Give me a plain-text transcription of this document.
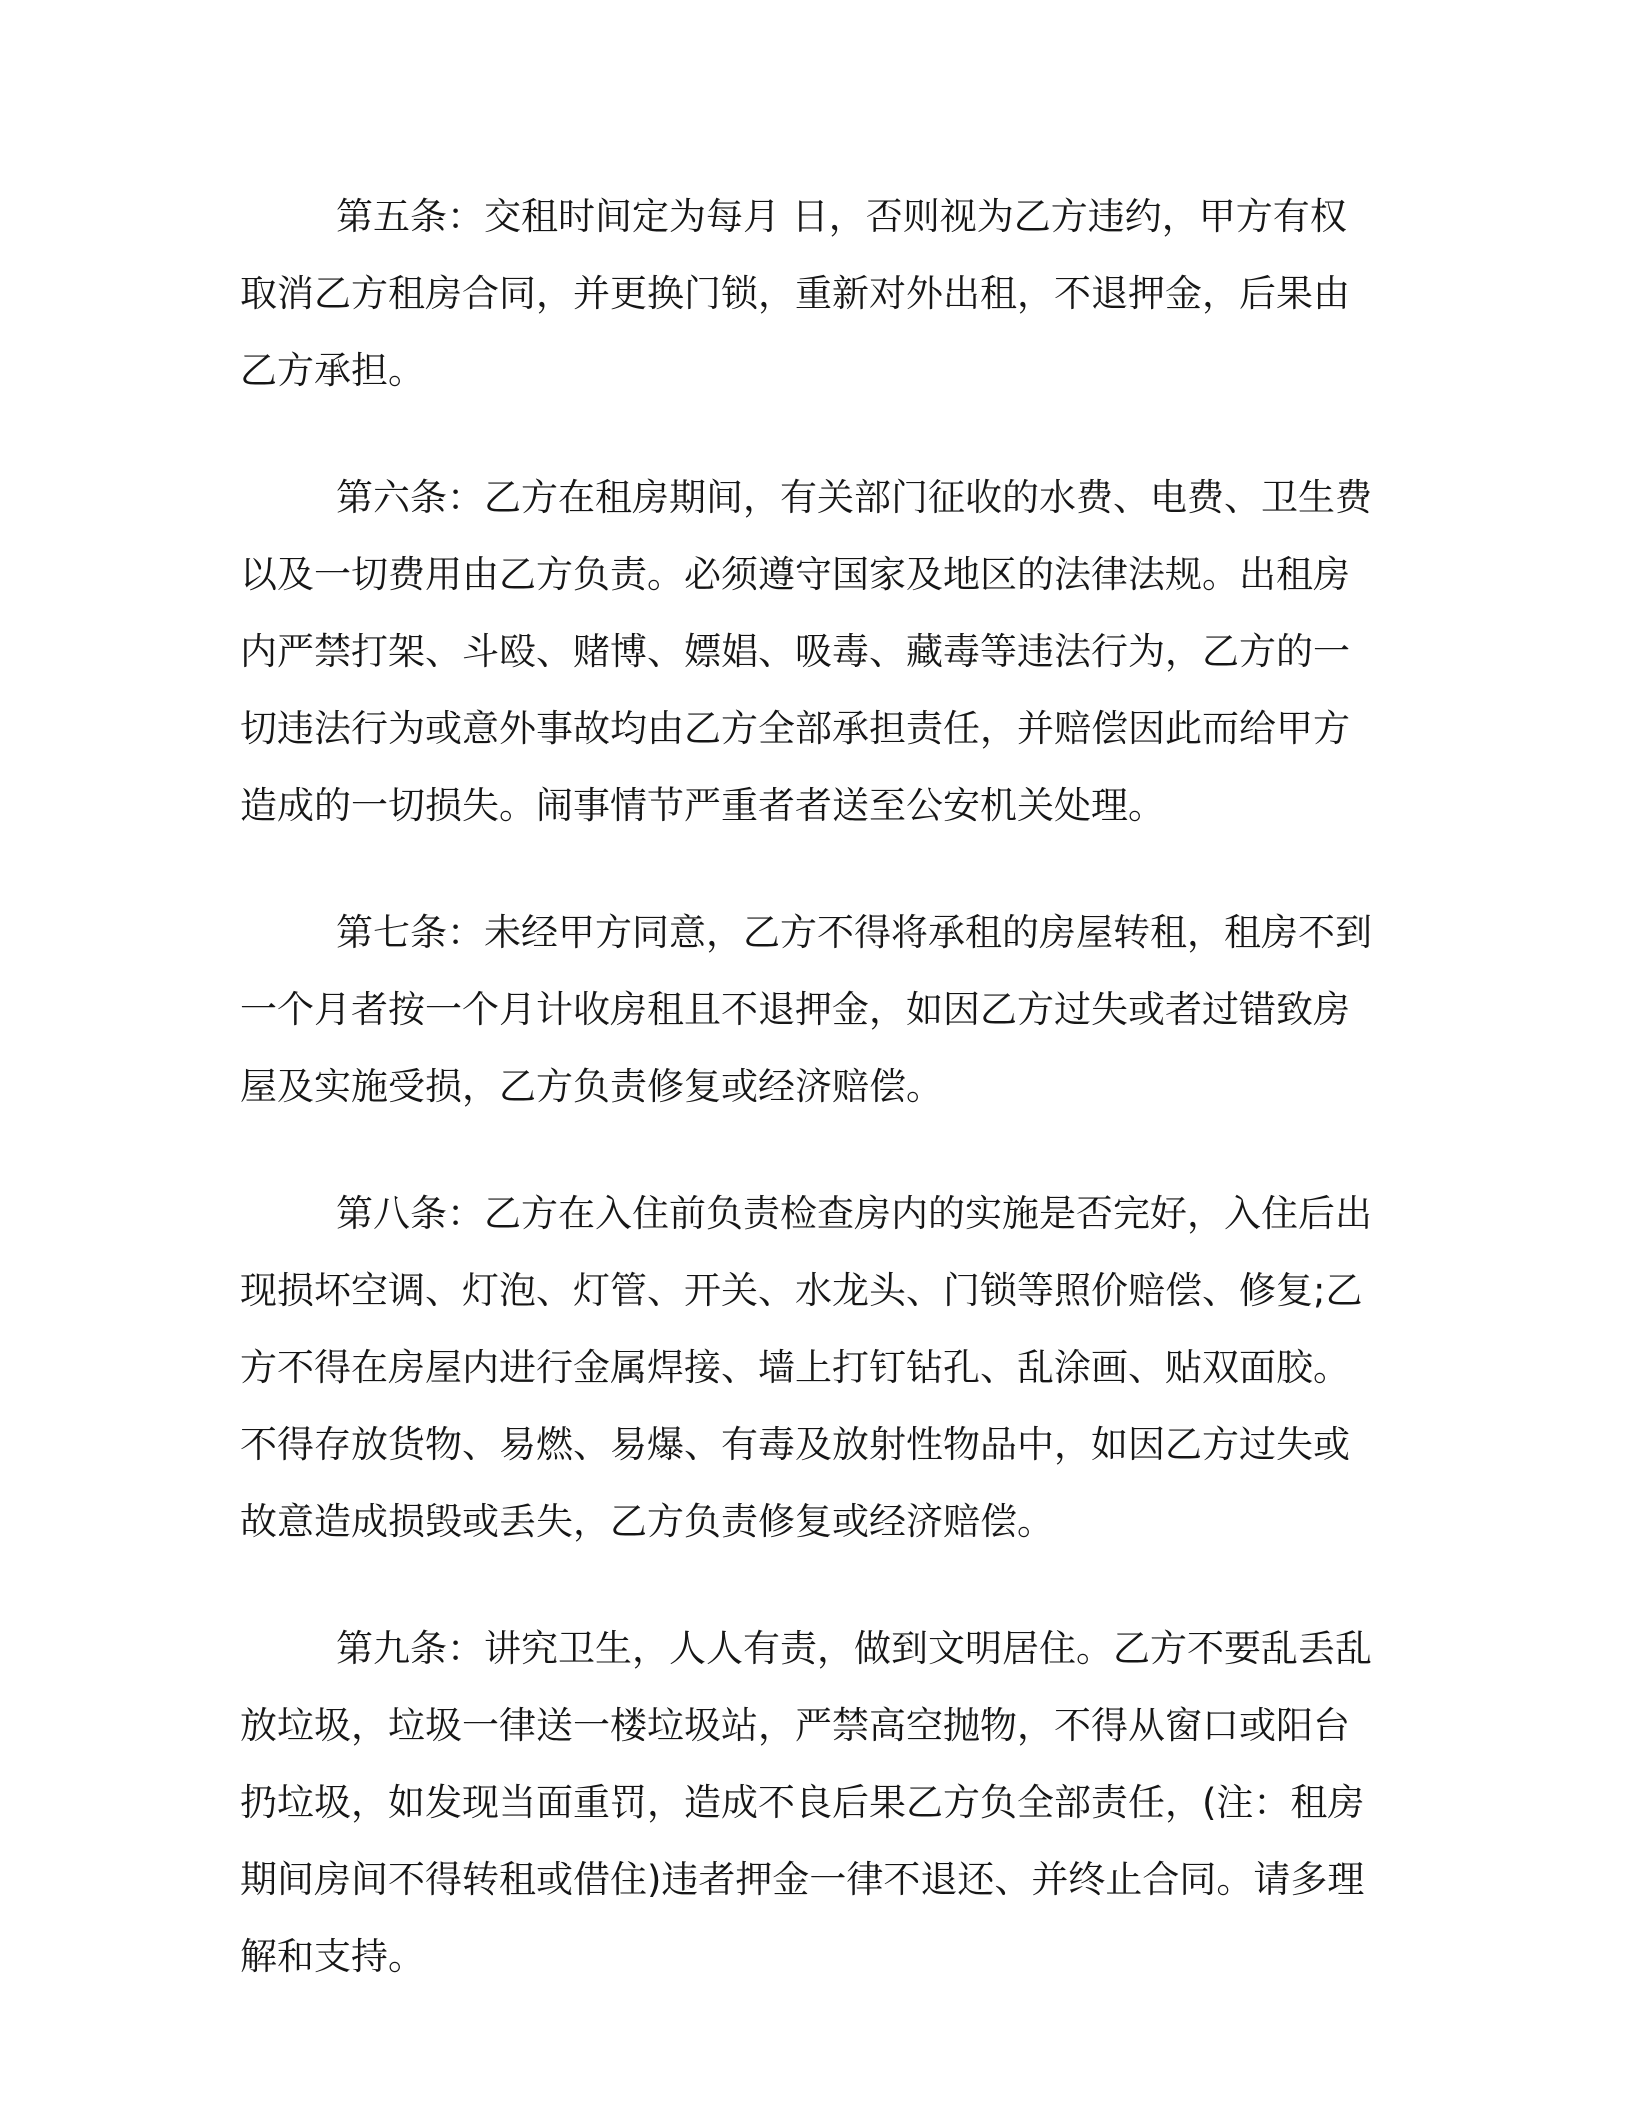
第五条：交租时间定为每月 日，否则视为乙方违约，甲方有权取消乙方租房合同，并更换门锁，重新对外出租，不退押金，后果由乙方承担。

第六条：乙方在租房期间，有关部门征收的水费、电费、卫生费以及一切费用由乙方负责。必须遵守国家及地区的法律法规。出租房内严禁打架、斗殴、赌博、嫖娼、吸毒、藏毒等违法行为，乙方的一切违法行为或意外事故均由乙方全部承担责任，并赔偿因此而给甲方造成的一切损失。闹事情节严重者者送至公安机关处理。

第七条：未经甲方同意，乙方不得将承租的房屋转租，租房不到一个月者按一个月计收房租且不退押金，如因乙方过失或者过错致房屋及实施受损，乙方负责修复或经济赔偿。

第八条：乙方在入住前负责检查房内的实施是否完好，入住后出现损坏空调、灯泡、灯管、开关、水龙头、门锁等照价赔偿、修复;乙方不得在房屋内进行金属焊接、墙上打钉钻孔、乱涂画、贴双面胶。不得存放货物、易燃、易爆、有毒及放射性物品中，如因乙方过失或故意造成损毁或丢失，乙方负责修复或经济赔偿。

第九条：讲究卫生，人人有责，做到文明居住。乙方不要乱丢乱放垃圾，垃圾一律送一楼垃圾站，严禁高空抛物，不得从窗口或阳台扔垃圾，如发现当面重罚，造成不良后果乙方负全部责任，(注：租房期间房间不得转租或借住)违者押金一律不退还、并终止合同。请多理解和支持。
